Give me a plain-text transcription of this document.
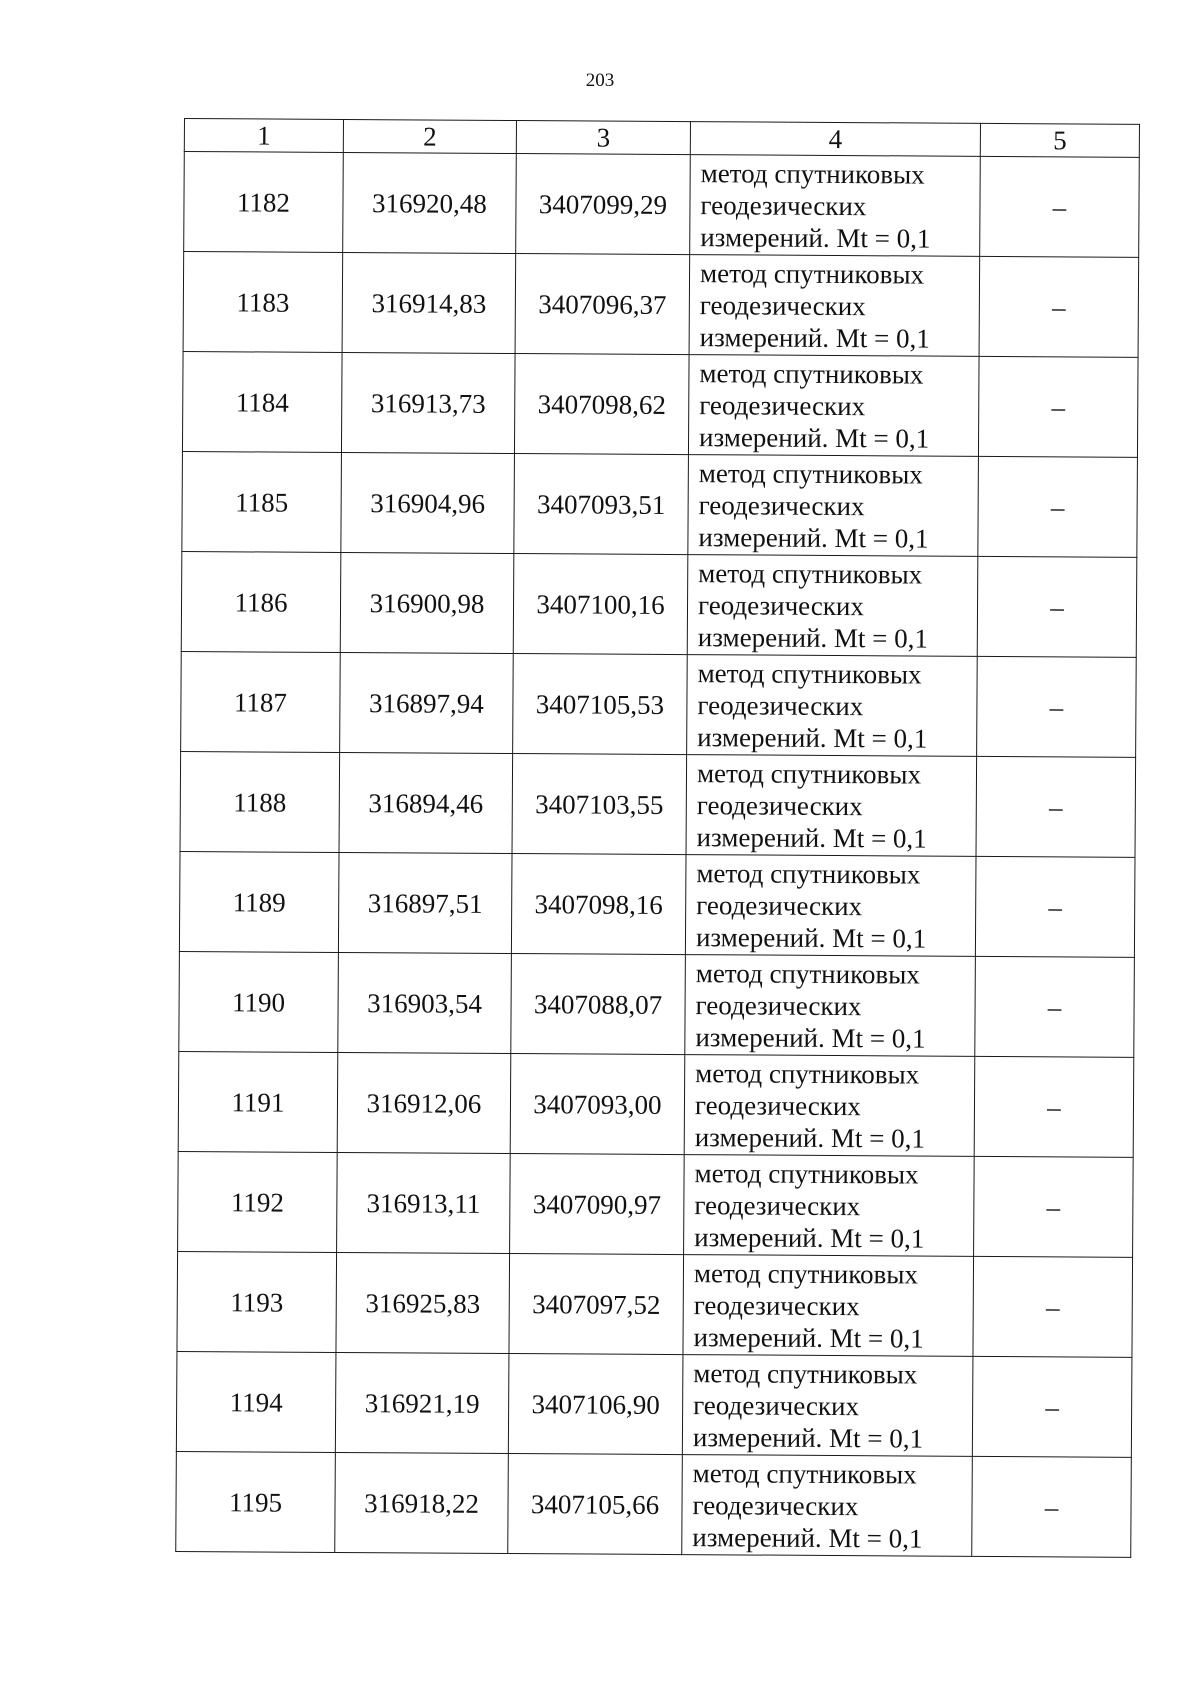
203
1	2	3	4	5
1182	316920,48	3407099,29	метод спутниковых
геодезических
измерений. Mt = 0,1	–
1183	316914,83	3407096,37	метод спутниковых
геодезических
измерений. Mt = 0,1	–
1184	316913,73	3407098,62	метод спутниковых
геодезических
измерений. Mt = 0,1	–
1185	316904,96	3407093,51	метод спутниковых
геодезических
измерений. Mt = 0,1	–
1186	316900,98	3407100,16	метод спутниковых
геодезических
измерений. Mt = 0,1	–
1187	316897,94	3407105,53	метод спутниковых
геодезических
измерений. Mt = 0,1	–
1188	316894,46	3407103,55	метод спутниковых
геодезических
измерений. Mt = 0,1	–
1189	316897,51	3407098,16	метод спутниковых
геодезических
измерений. Mt = 0,1	–
1190	316903,54	3407088,07	метод спутниковых
геодезических
измерений. Mt = 0,1	–
1191	316912,06	3407093,00	метод спутниковых
геодезических
измерений. Mt = 0,1	–
1192	316913,11	3407090,97	метод спутниковых
геодезических
измерений. Mt = 0,1	–
1193	316925,83	3407097,52	метод спутниковых
геодезических
измерений. Mt = 0,1	–
1194	316921,19	3407106,90	метод спутниковых
геодезических
измерений. Mt = 0,1	–
1195	316918,22	3407105,66	метод спутниковых
геодезических
измерений. Mt = 0,1	–
